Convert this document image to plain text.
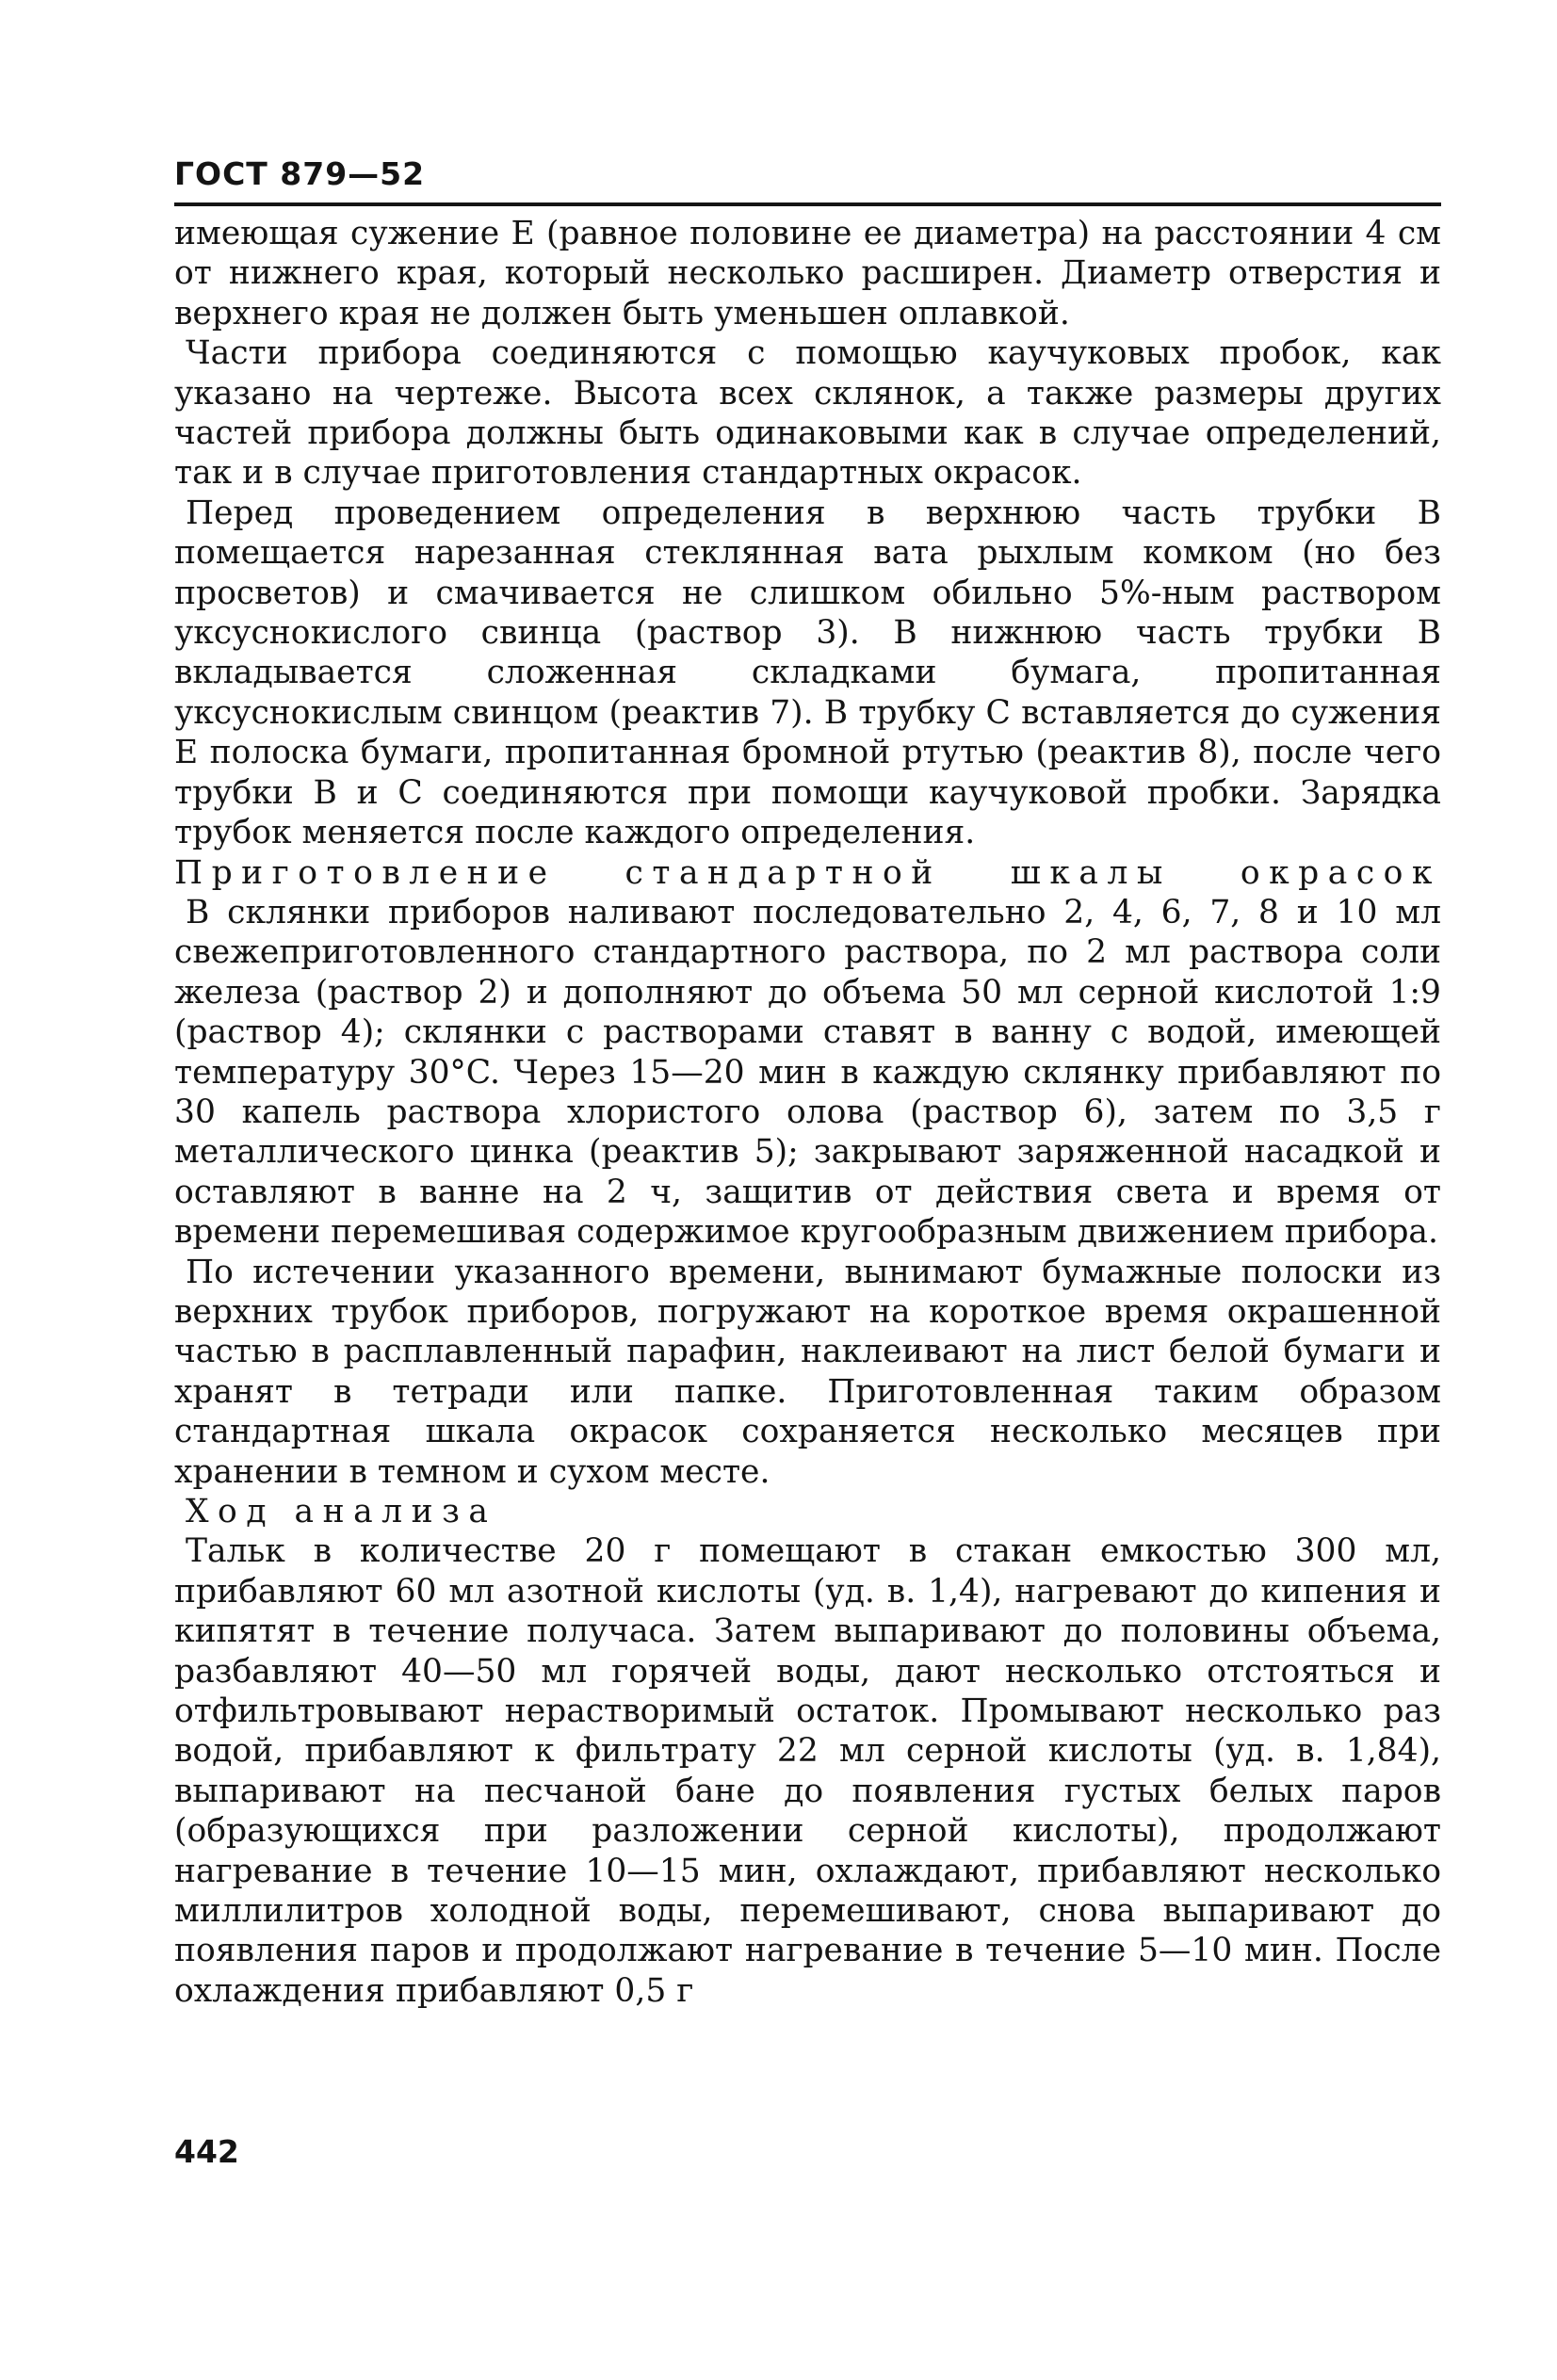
ГОСТ 879—52

имеющая сужение E (равное половине ее диаметра) на расстоянии 4 см от нижнего края, который несколько расширен. Диаметр отверстия и верхнего края не должен быть уменьшен оплавкой.

Части прибора соединяются с помощью каучуковых пробок, как указано на чертеже. Высота всех склянок, а также размеры других частей прибора должны быть одинаковыми как в случае определений, так и в случае приготовления стандартных окрасок.

Перед проведением определения в верхнюю часть трубки B помещается нарезанная стеклянная вата рыхлым комком (но без просветов) и смачивается не слишком обильно 5%-ным раствором уксуснокислого свинца (раствор 3). В нижнюю часть трубки B вкладывается сложенная складками бумага, пропитанная уксуснокислым свинцом (реактив 7). В трубку C вставляется до сужения E полоска бумаги, пропитанная бромной ртутью (реактив 8), после чего трубки B и C соединяются при помощи каучуковой пробки. Зарядка трубок меняется после каждого определения.

Приготовление стандартной шкалы окрасок

В склянки приборов наливают последовательно 2, 4, 6, 7, 8 и 10 мл свежеприготовленного стандартного раствора, по 2 мл раствора соли железа (раствор 2) и дополняют до объема 50 мл серной кислотой 1:9 (раствор 4); склянки с растворами ставят в ванну с водой, имеющей температуру 30°C. Через 15—20 мин в каждую склянку прибавляют по 30 капель раствора хлористого олова (раствор 6), затем по 3,5 г металлического цинка (реактив 5); закрывают заряженной насадкой и оставляют в ванне на 2 ч, защитив от действия света и время от времени перемешивая содержимое кругообразным движением прибора.

По истечении указанного времени, вынимают бумажные полоски из верхних трубок приборов, погружают на короткое время окрашенной частью в расплавленный парафин, наклеивают на лист белой бумаги и хранят в тетради или папке. Приготовленная таким образом стандартная шкала окрасок сохраняется несколько месяцев при хранении в темном и сухом месте.

Ход анализа

Тальк в количестве 20 г помещают в стакан емкостью 300 мл, прибавляют 60 мл азотной кислоты (уд. в. 1,4), нагревают до кипения и кипятят в течение получаса. Затем выпаривают до половины объема, разбавляют 40—50 мл горячей воды, дают несколько отстояться и отфильтровывают нерастворимый остаток. Промывают несколько раз водой, прибавляют к фильтрату 22 мл серной кислоты (уд. в. 1,84), выпаривают на песчаной бане до появления густых белых паров (образующихся при разложении серной кислоты), продолжают нагревание в течение 10—15 мин, охлаждают, прибавляют несколько миллилитров холодной воды, перемешивают, снова выпаривают до появления паров и продолжают нагревание в течение 5—10 мин. После охлаждения прибавляют 0,5 г

442
